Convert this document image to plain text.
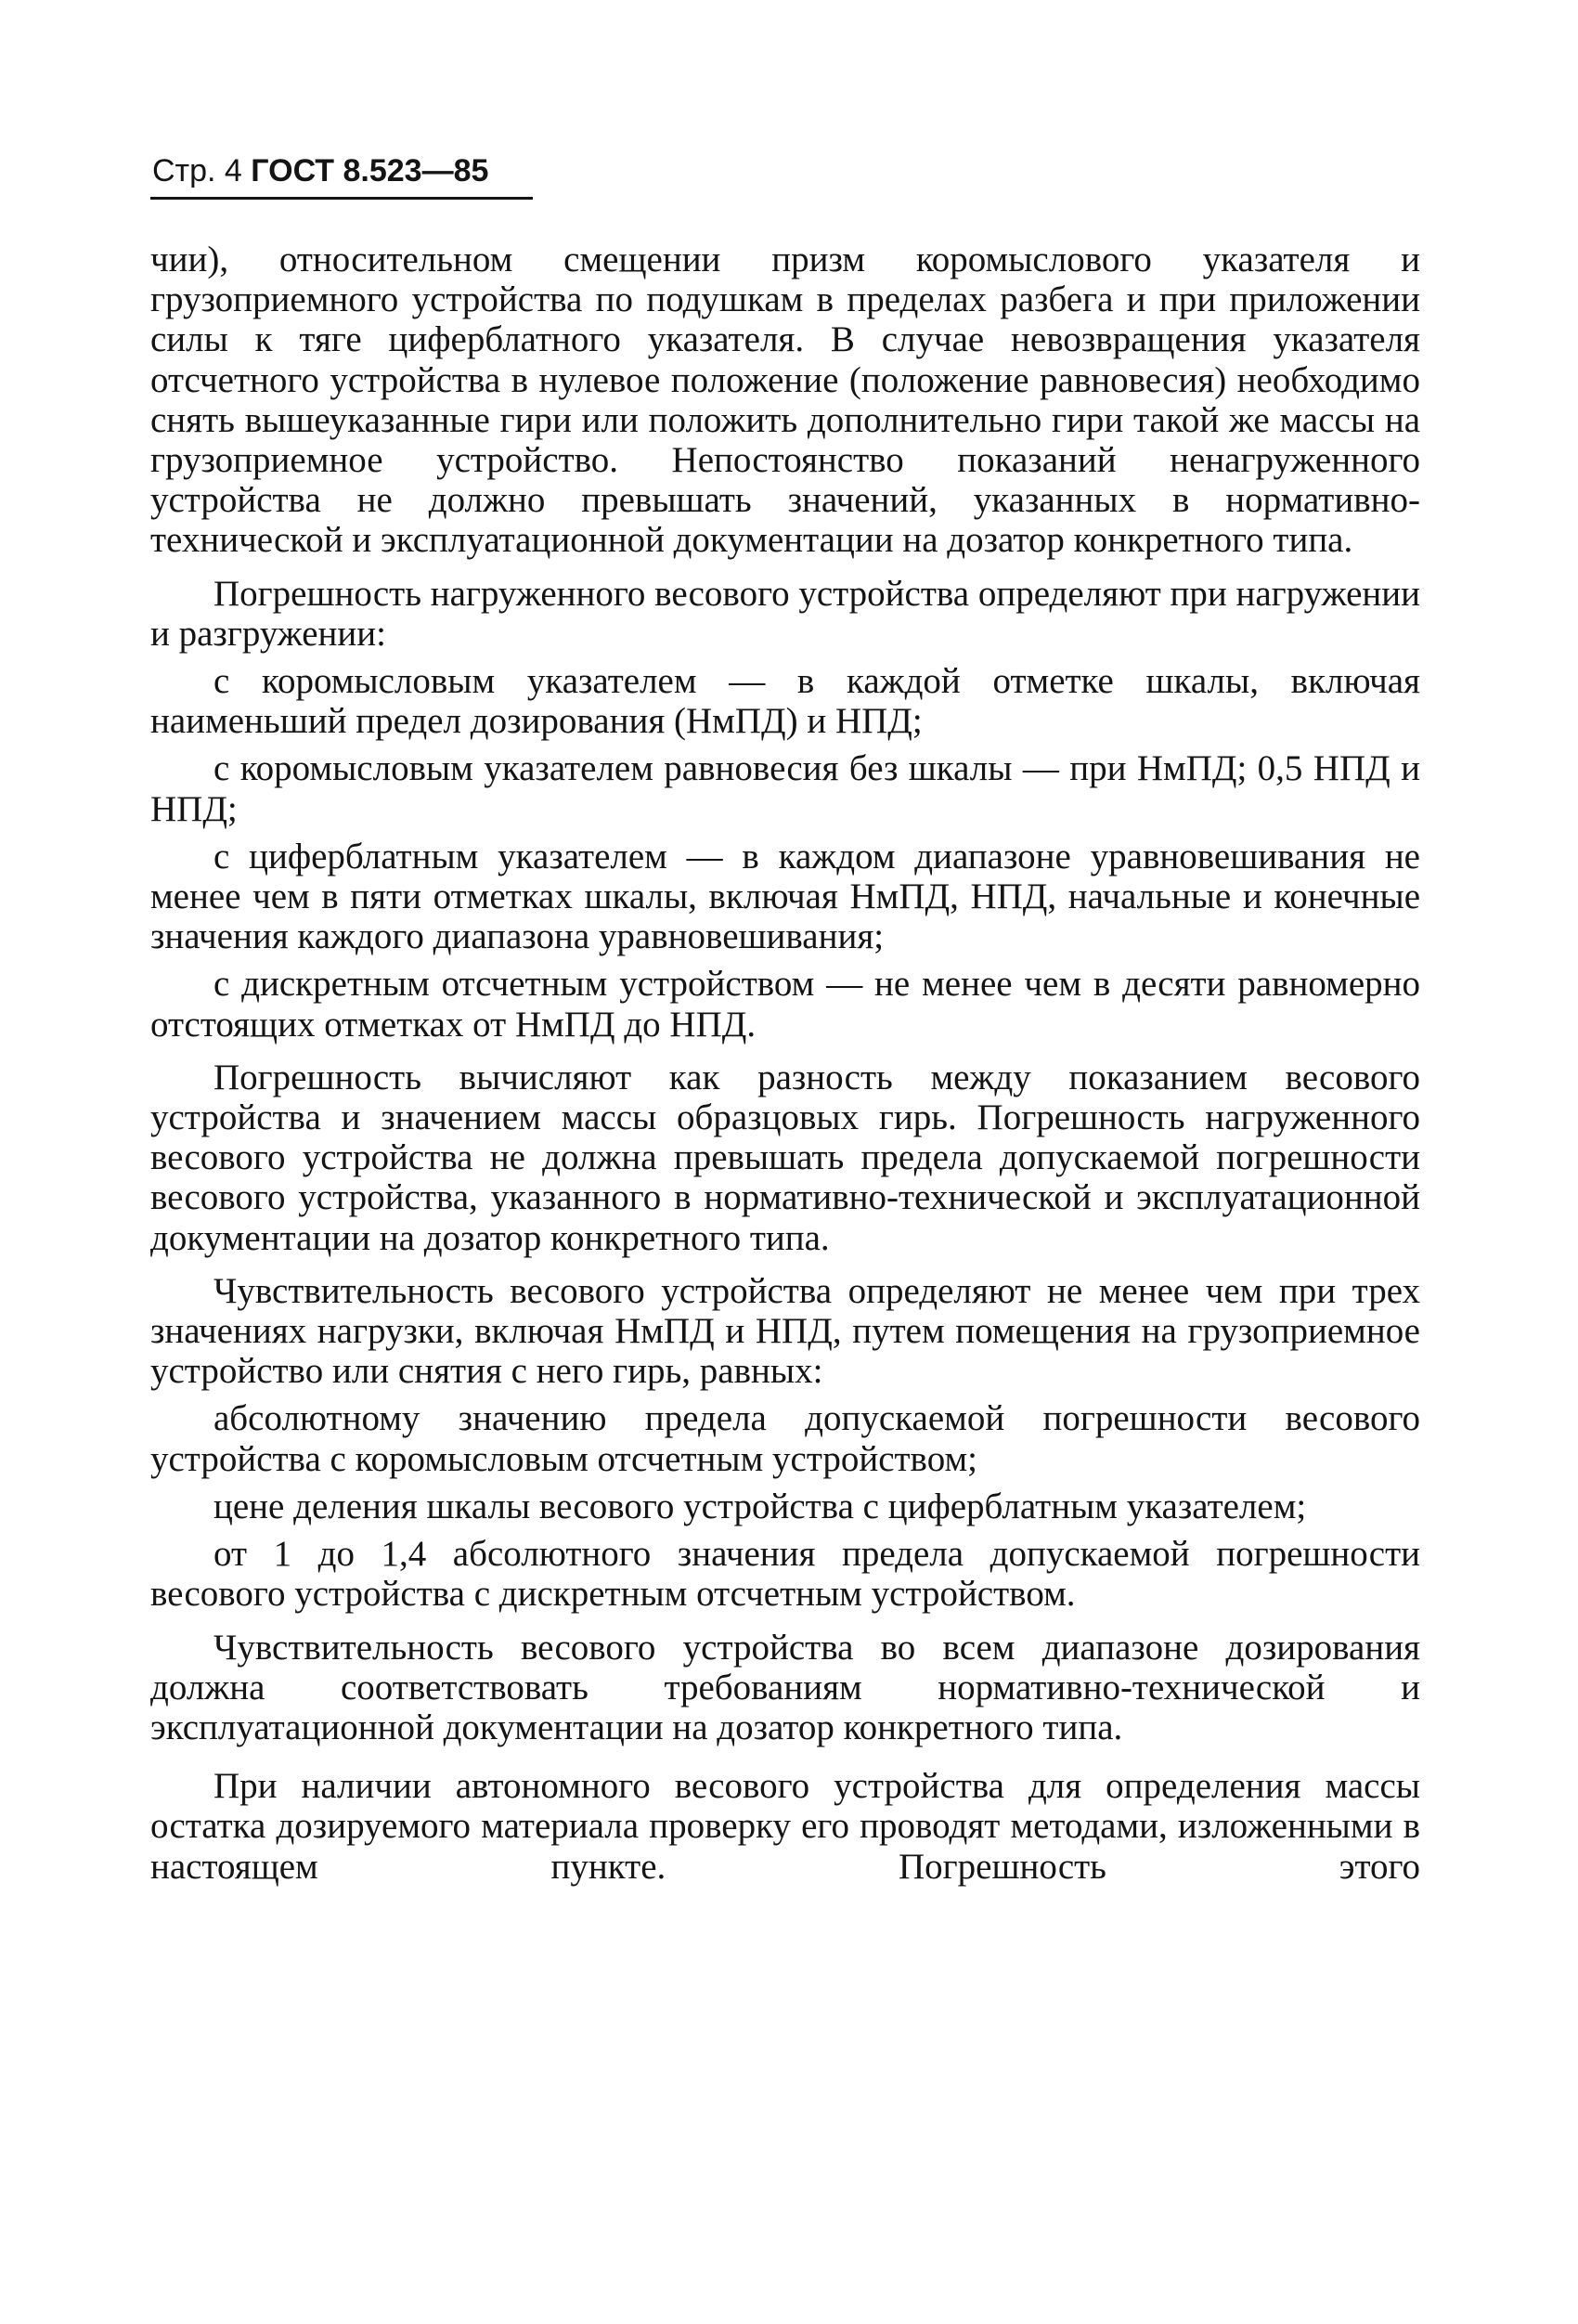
Стр. 4 ГОСТ 8.523—85

чии), относительном смещении призм коромыслового указателя и грузоприемного устройства по подушкам в пределах разбега и при приложении силы к тяге циферблатного указателя. В случае невозвращения указателя отсчетного устройства в нулевое положение (положение равновесия) необходимо снять вышеуказанные гири или положить дополнительно гири такой же массы на грузоприемное устройство. Непостоянство показаний ненагруженного устройства не должно превышать значений, указанных в нормативно-технической и эксплуатационной документации на дозатор конкретного типа.

Погрешность нагруженного весового устройства определяют при нагружении и разгружении:

с коромысловым указателем — в каждой отметке шкалы, включая наименьший предел дозирования (НмПД) и НПД;

с коромысловым указателем равновесия без шкалы — при НмПД; 0,5 НПД и НПД;

с циферблатным указателем — в каждом диапазоне уравновешивания не менее чем в пяти отметках шкалы, включая НмПД, НПД, начальные и конечные значения каждого диапазона уравновешивания;

с дискретным отсчетным устройством — не менее чем в десяти равномерно отстоящих отметках от НмПД до НПД.

Погрешность вычисляют как разность между показанием весового устройства и значением массы образцовых гирь. Погрешность нагруженного весового устройства не должна превышать предела допускаемой погрешности весового устройства, указанного в нормативно-технической и эксплуатационной документации на дозатор конкретного типа.

Чувствительность весового устройства определяют не менее чем при трех значениях нагрузки, включая НмПД и НПД, путем помещения на грузоприемное устройство или снятия с него гирь, равных:

абсолютному значению предела допускаемой погрешности весового устройства с коромысловым отсчетным устройством;

цене деления шкалы весового устройства с циферблатным указателем;

от 1 до 1,4 абсолютного значения предела допускаемой погрешности весового устройства с дискретным отсчетным устройством.

Чувствительность весового устройства во всем диапазоне дозирования должна соответствовать требованиям нормативно-технической и эксплуатационной документации на дозатор конкретного типа.

При наличии автономного весового устройства для определения массы остатка дозируемого материала проверку его проводят методами, изложенными в настоящем пункте. Погрешность этого
